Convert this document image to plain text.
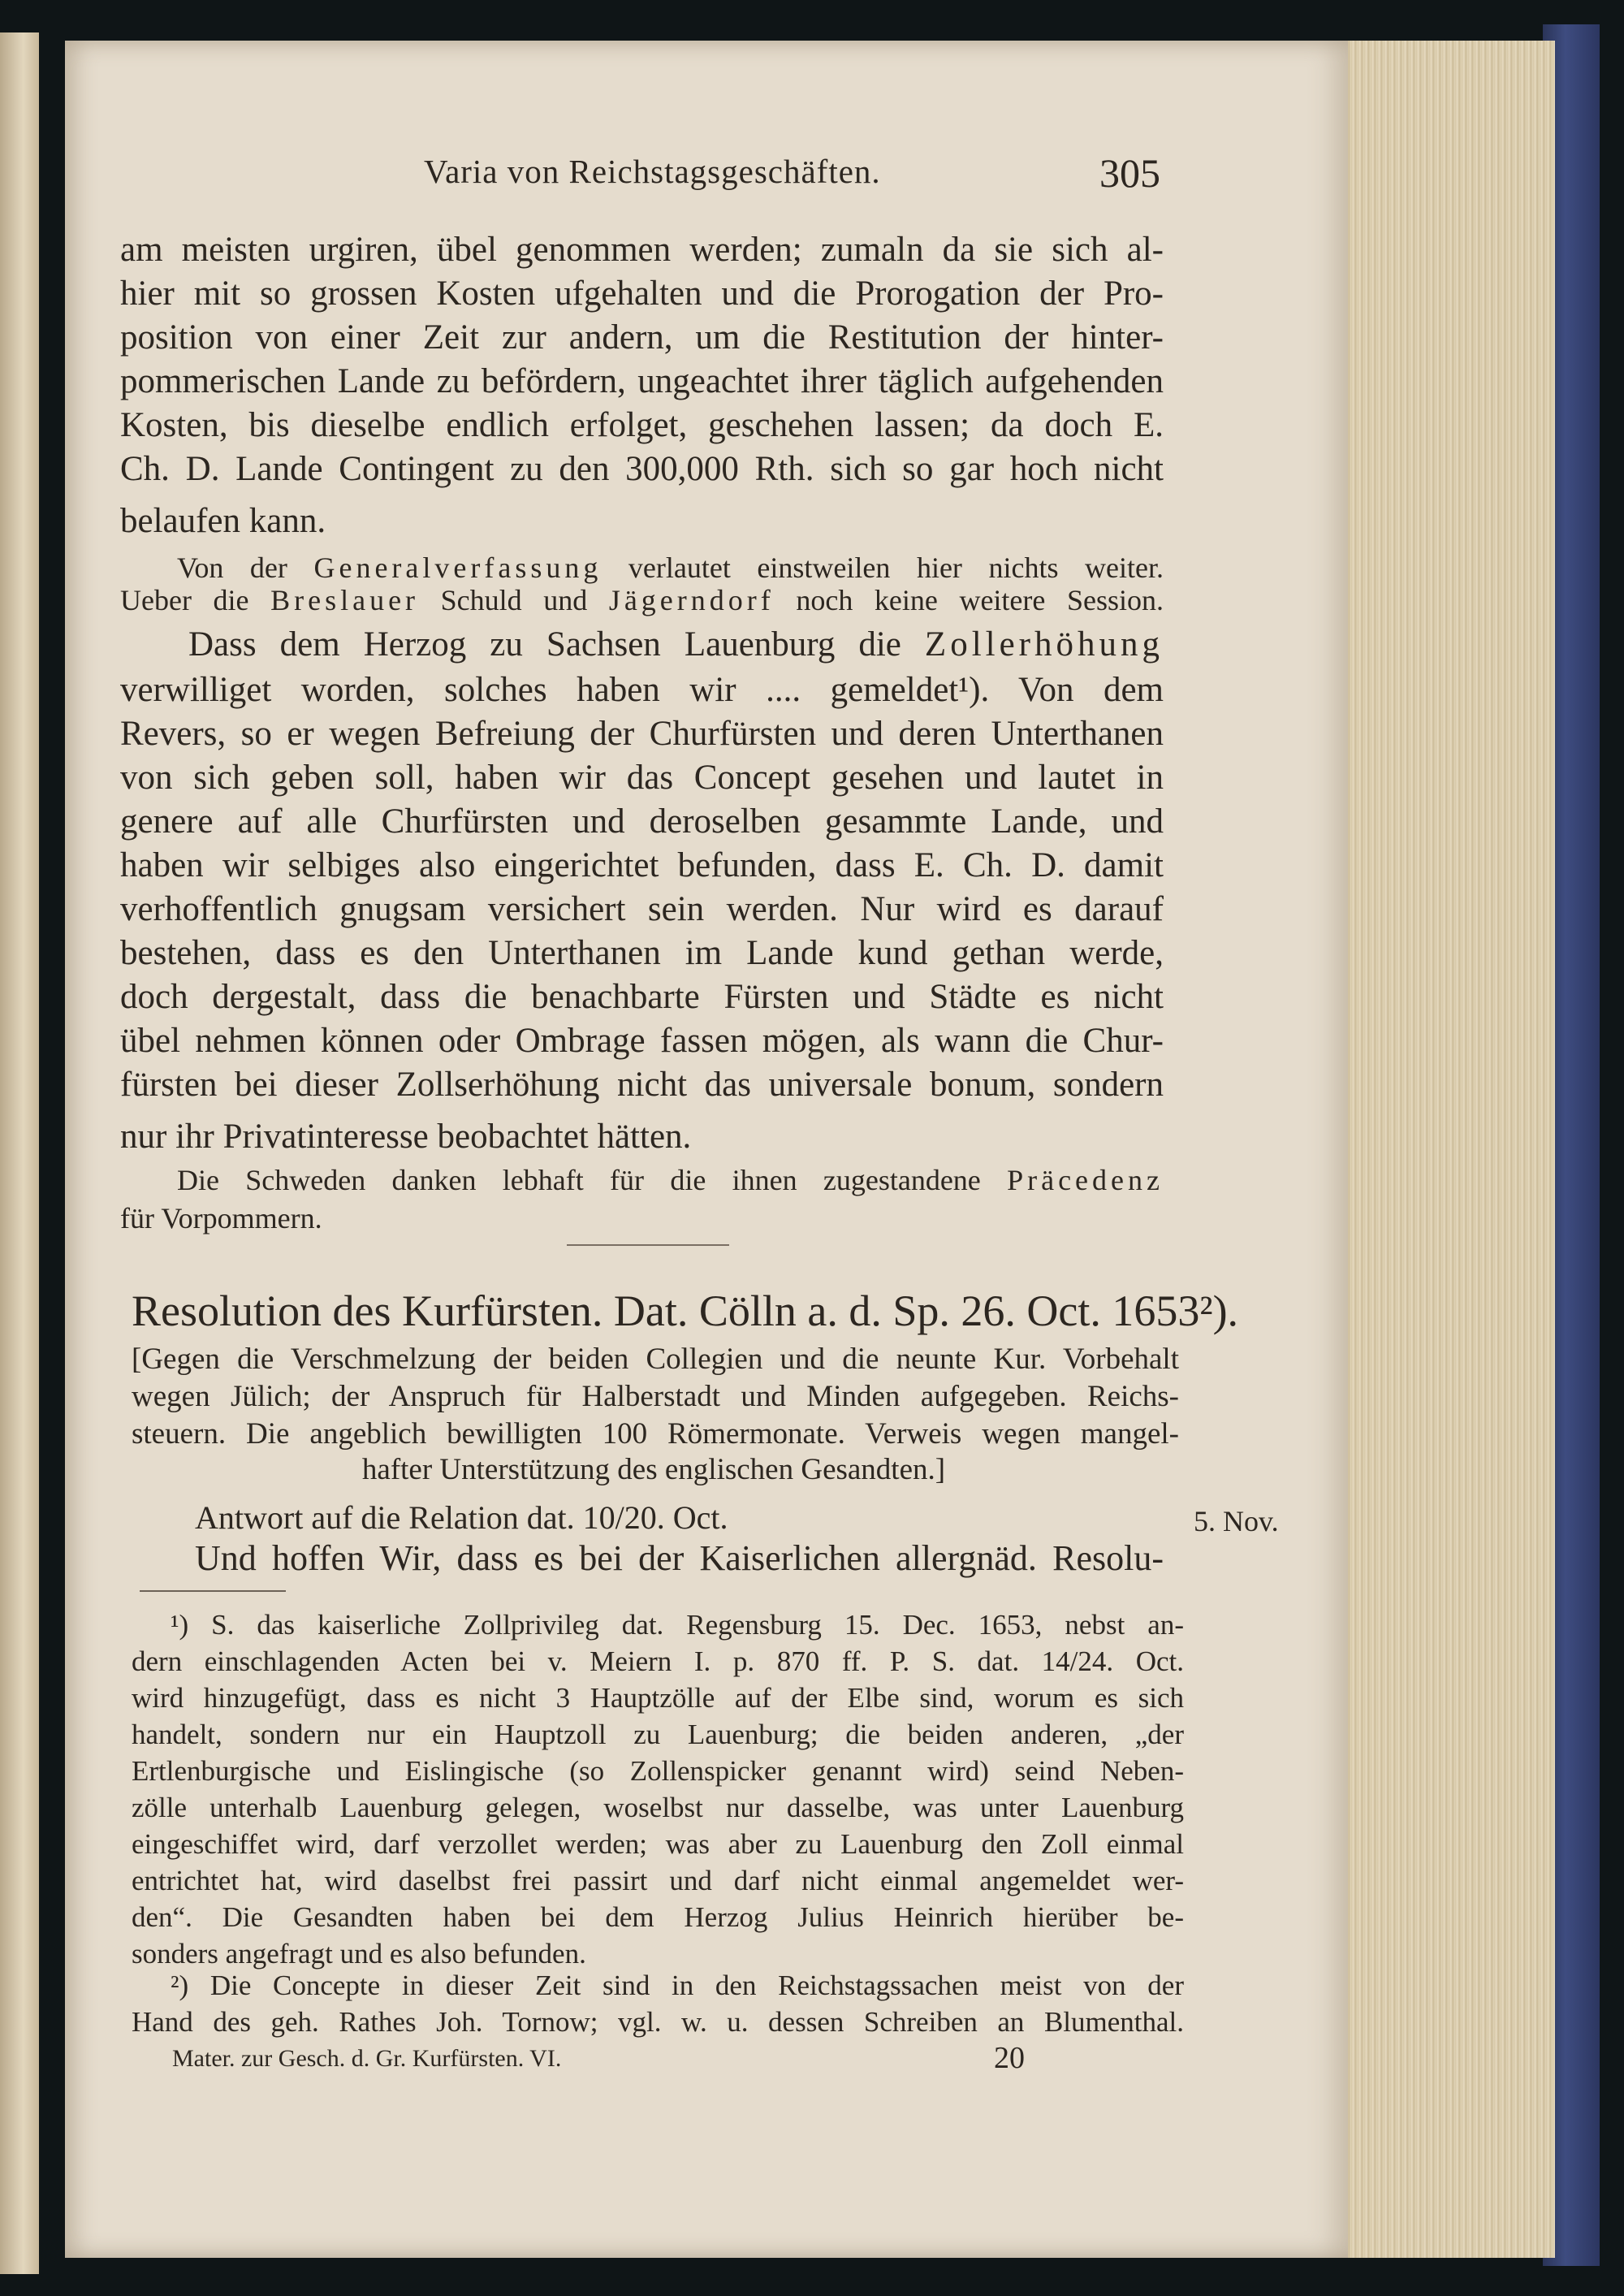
Varia von Reichstagsgeschäften.	305
am meisten urgiren, übel genommen werden; zumaln da sie sich al-
hier mit so grossen Kosten ufgehalten und die Prorogation der Pro-
position von einer Zeit zur andern, um die Restitution der hinter-
pommerischen Lande zu befördern, ungeachtet ihrer täglich aufgehenden
Kosten, bis dieselbe endlich erfolget, geschehen lassen; da doch E.
Ch. D. Lande Contingent zu den 300,000 Rth. sich so gar hoch nicht
belaufen kann.
Von der Generalverfassung verlautet einstweilen hier nichts weiter.
Ueber die Breslauer Schuld und Jägerndorf noch keine weitere Session.
Dass dem Herzog zu Sachsen Lauenburg die Zollerhöhung
verwilliget worden, solches haben wir .... gemeldet¹). Von dem
Revers, so er wegen Befreiung der Churfürsten und deren Unterthanen
von sich geben soll, haben wir das Concept gesehen und lautet in
genere auf alle Churfürsten und deroselben gesammte Lande, und
haben wir selbiges also eingerichtet befunden, dass E. Ch. D. damit
verhoffentlich gnugsam versichert sein werden. Nur wird es darauf
bestehen, dass es den Unterthanen im Lande kund gethan werde,
doch dergestalt, dass die benachbarte Fürsten und Städte es nicht
übel nehmen können oder Ombrage fassen mögen, als wann die Chur-
fürsten bei dieser Zollserhöhung nicht das universale bonum, sondern
nur ihr Privatinteresse beobachtet hätten.
Die Schweden danken lebhaft für die ihnen zugestandene Präcedenz
für Vorpommern.
Resolution des Kurfürsten. Dat. Cölln a. d. Sp. 26. Oct. 1653²).
[Gegen die Verschmelzung der beiden Collegien und die neunte Kur. Vorbehalt
wegen Jülich; der Anspruch für Halberstadt und Minden aufgegeben. Reichs-
steuern. Die angeblich bewilligten 100 Römermonate. Verweis wegen mangel-
hafter Unterstützung des englischen Gesandten.]
Antwort auf die Relation dat. 10/20. Oct.	5. Nov.
Und hoffen Wir, dass es bei der Kaiserlichen allergnäd. Resolu-
¹) S. das kaiserliche Zollprivileg dat. Regensburg 15. Dec. 1653, nebst an-
dern einschlagenden Acten bei v. Meiern I. p. 870 ff. P. S. dat. 14/24. Oct.
wird hinzugefügt, dass es nicht 3 Hauptzölle auf der Elbe sind, worum es sich
handelt, sondern nur ein Hauptzoll zu Lauenburg; die beiden anderen, „der
Ertlenburgische und Eislingische (so Zollenspicker genannt wird) seind Neben-
zölle unterhalb Lauenburg gelegen, woselbst nur dasselbe, was unter Lauenburg
eingeschiffet wird, darf verzollet werden; was aber zu Lauenburg den Zoll einmal
entrichtet hat, wird daselbst frei passirt und darf nicht einmal angemeldet wer-
den“. Die Gesandten haben bei dem Herzog Julius Heinrich hierüber be-
sonders angefragt und es also befunden.
²) Die Concepte in dieser Zeit sind in den Reichstagssachen meist von der
Hand des geh. Rathes Joh. Tornow; vgl. w. u. dessen Schreiben an Blumenthal.
Mater. zur Gesch. d. Gr. Kurfürsten. VI.	20
